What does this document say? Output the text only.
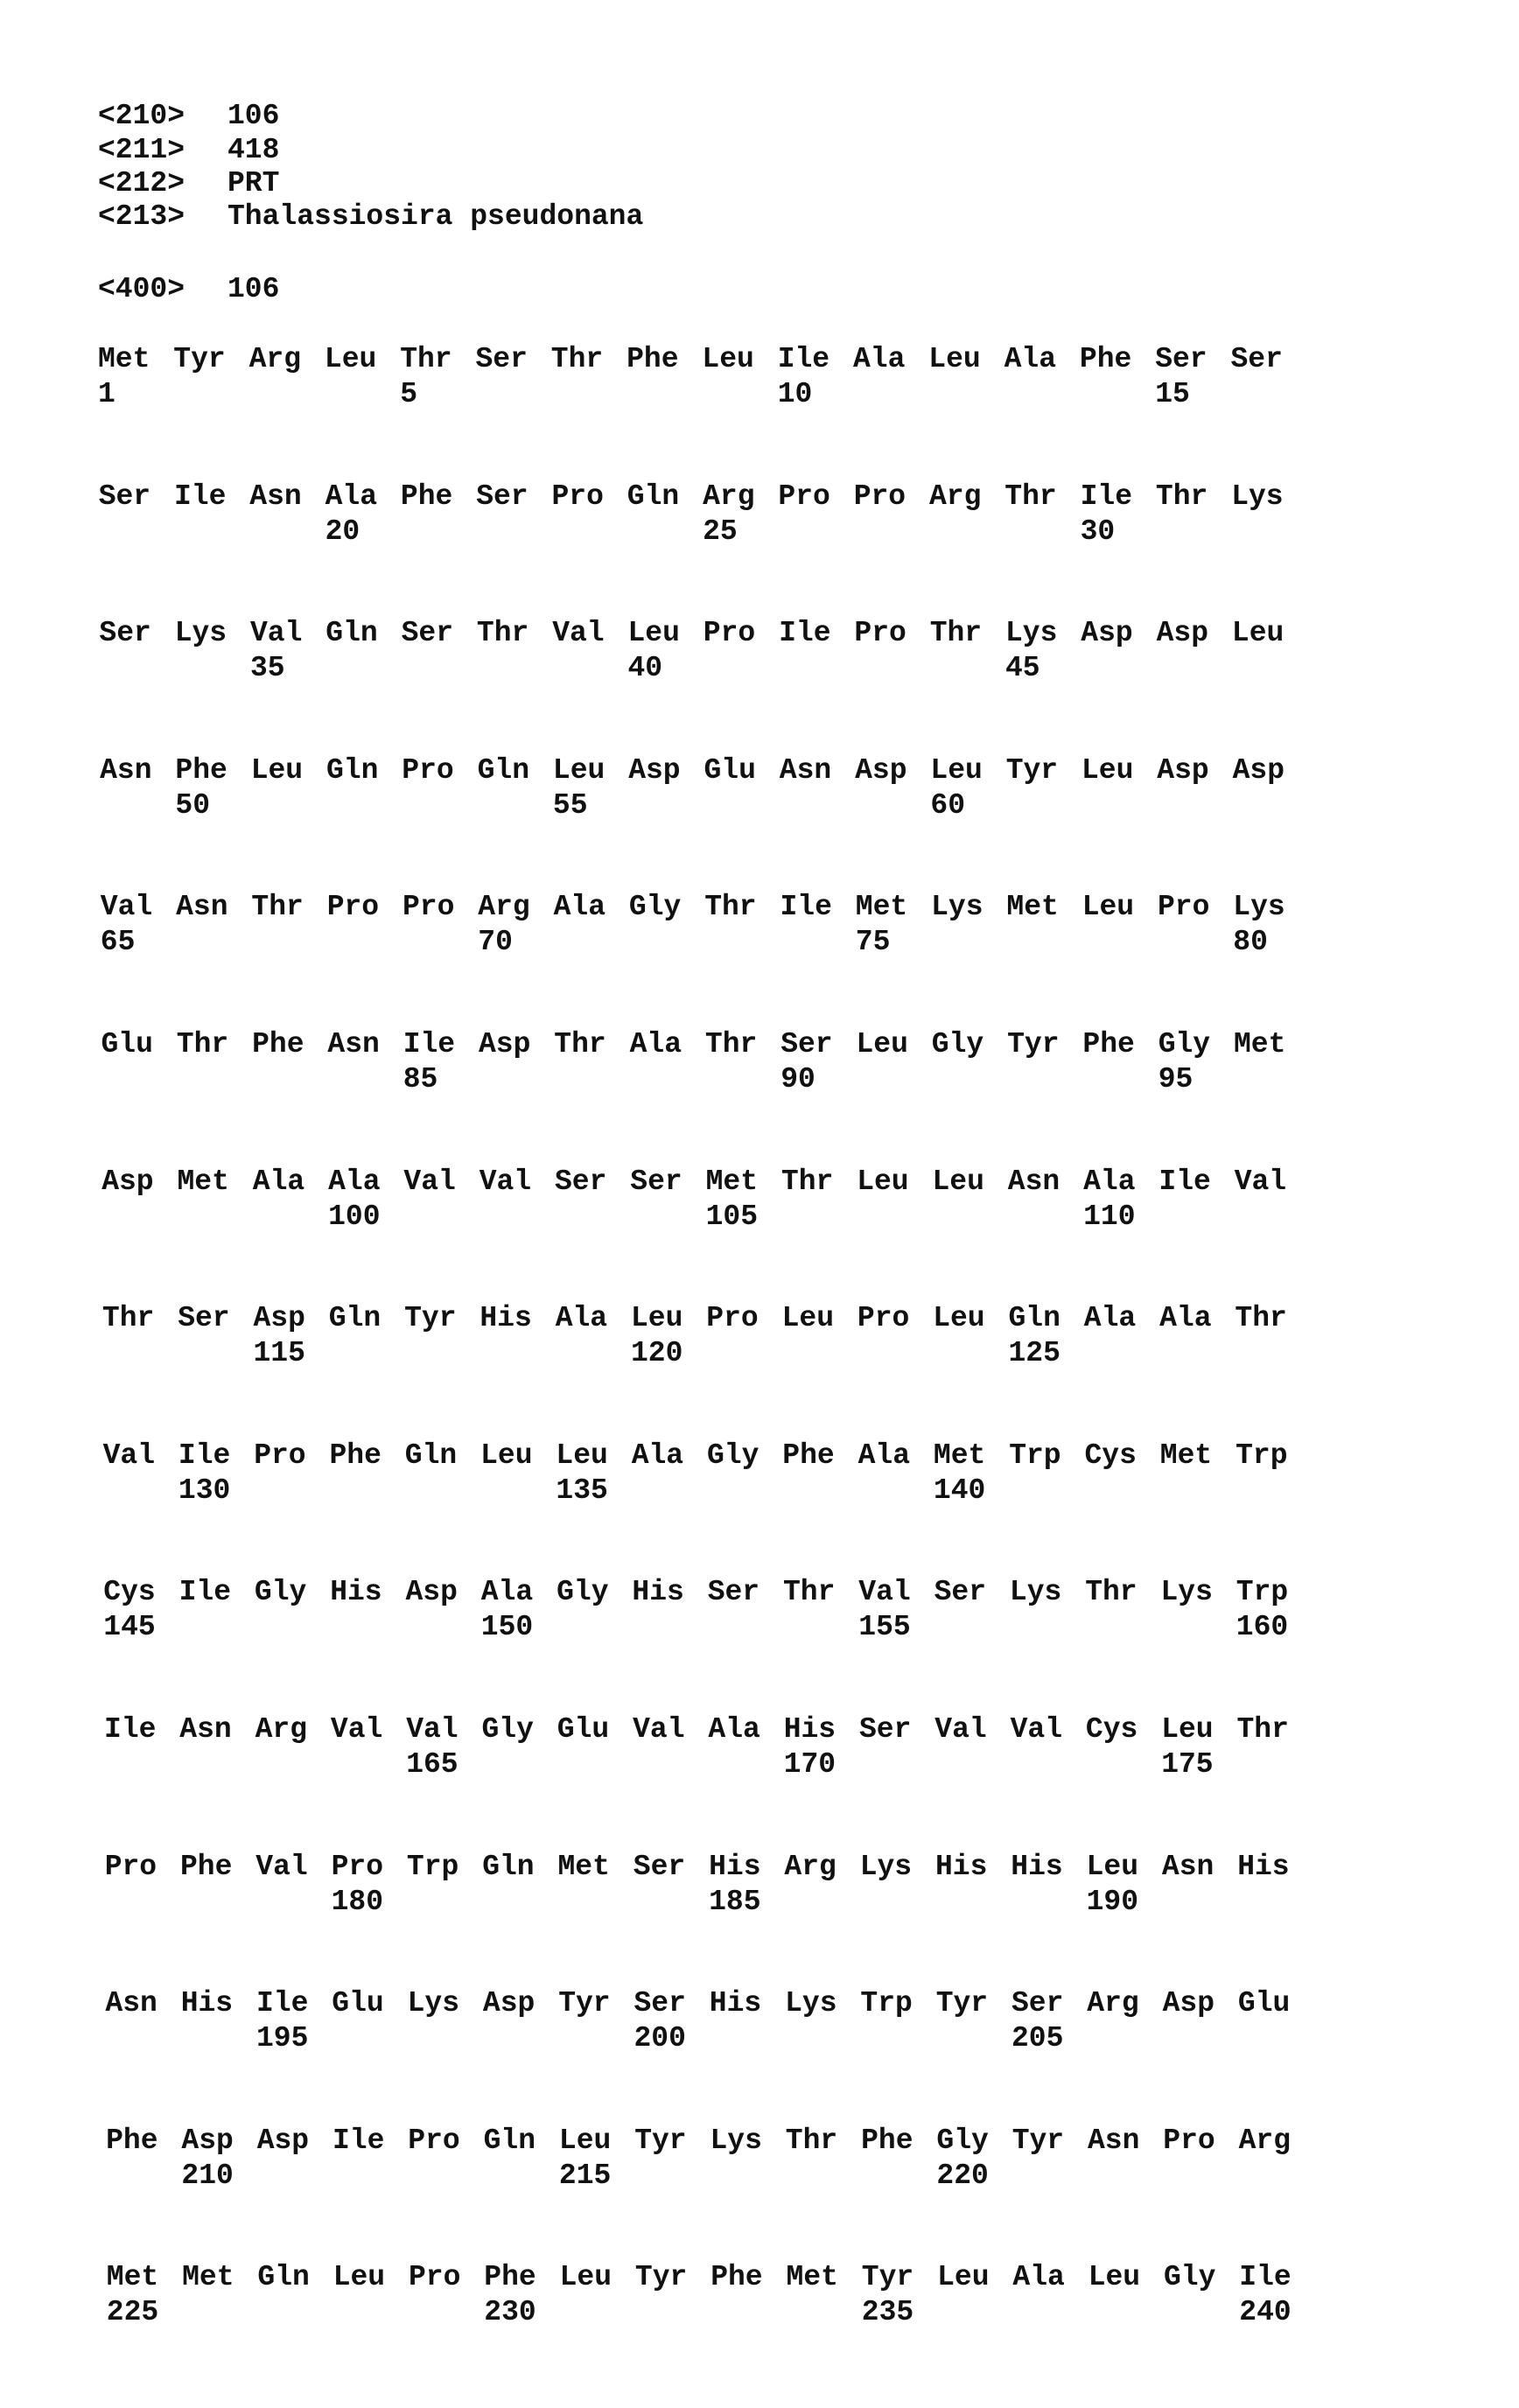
<210> 106
<211> 418
<212> PRT
<213> Thalassiosira pseudonana
<400> 106
Met Tyr Arg Leu Thr Ser Thr Phe Leu Ile Ala Leu Ala Phe Ser Ser
1	5	10	15
Ser Ile Asn Ala Phe Ser Pro Gln Arg Pro Pro Arg Thr Ile Thr Lys
20	25	30
Ser Lys Val Gln Ser Thr Val Leu Pro Ile Pro Thr Lys Asp Asp Leu
35	40	45
Asn Phe Leu Gln Pro Gln Leu Asp Glu Asn Asp Leu Tyr Leu Asp Asp
50	55	60
Val Asn Thr Pro Pro Arg Ala Gly Thr Ile Met Lys Met Leu Pro Lys
65	70	75	80
Glu Thr Phe Asn Ile Asp Thr Ala Thr Ser Leu Gly Tyr Phe Gly Met
85	90	95
Asp Met Ala Ala Val Val Ser Ser Met Thr Leu Leu Asn Ala Ile Val
100	105	110
Thr Ser Asp Gln Tyr His Ala Leu Pro Leu Pro Leu Gln Ala Ala Thr
115	120	125
Val Ile Pro Phe Gln Leu Leu Ala Gly Phe Ala Met Trp Cys Met Trp
130	135	140
Cys Ile Gly His Asp Ala Gly His Ser Thr Val Ser Lys Thr Lys Trp
145	150	155	160
Ile Asn Arg Val Val Gly Glu Val Ala His Ser Val Val Cys Leu Thr
165	170	175
Pro Phe Val Pro Trp Gln Met Ser His Arg Lys His His Leu Asn His
180	185	190
Asn His Ile Glu Lys Asp Tyr Ser His Lys Trp Tyr Ser Arg Asp Glu
195	200	205
Phe Asp Asp Ile Pro Gln Leu Tyr Lys Thr Phe Gly Tyr Asn Pro Arg
210	215	220
Met Met Gln Leu Pro Phe Leu Tyr Phe Met Tyr Leu Ala Leu Gly Ile
225	230	235	240
